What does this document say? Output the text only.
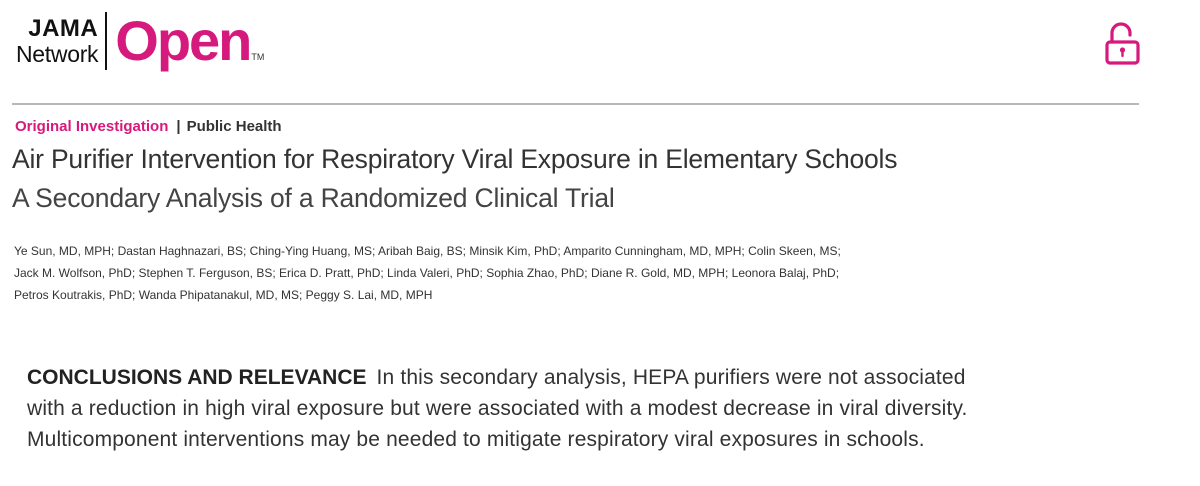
JAMA
Network Open TM
Original Investigation | Public Health
Air Purifier Intervention for Respiratory Viral Exposure in Elementary Schools
A Secondary Analysis of a Randomized Clinical Trial
Ye Sun, MD, MPH; Dastan Haghnazari, BS; Ching-Ying Huang, MS; Aribah Baig, BS; Minsik Kim, PhD; Amparito Cunningham, MD, MPH; Colin Skeen, MS;
Jack M. Wolfson, PhD; Stephen T. Ferguson, BS; Erica D. Pratt, PhD; Linda Valeri, PhD; Sophia Zhao, PhD; Diane R. Gold, MD, MPH; Leonora Balaj, PhD;
Petros Koutrakis, PhD; Wanda Phipatanakul, MD, MS; Peggy S. Lai, MD, MPH
CONCLUSIONS AND RELEVANCE In this secondary analysis, HEPA purifiers were not associated
with a reduction in high viral exposure but were associated with a modest decrease in viral diversity.
Multicomponent interventions may be needed to mitigate respiratory viral exposures in schools.
